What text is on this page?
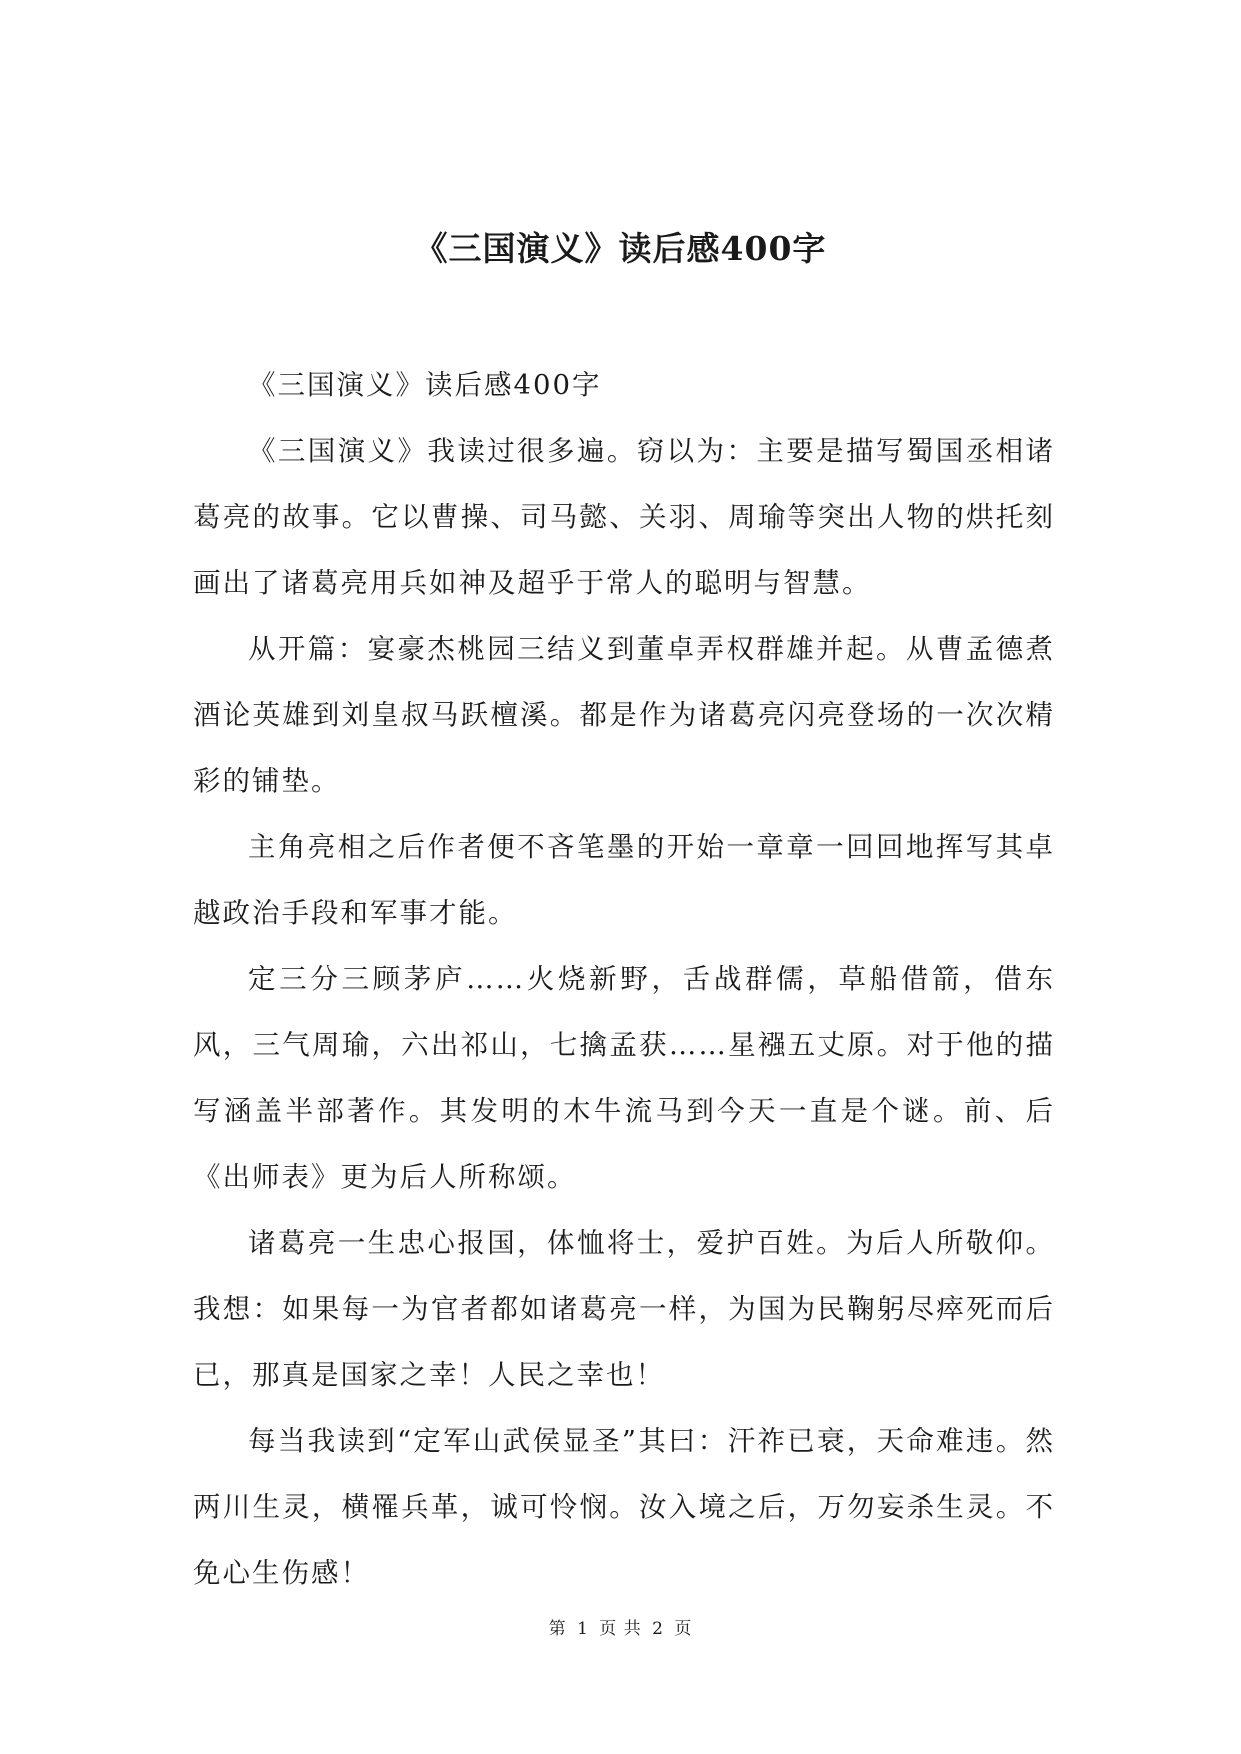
《三国演义》读后感400字

《三国演义》读后感400字

《三国演义》我读过很多遍。窃以为：主要是描写蜀国丞相诸葛亮的故事。它以曹操、司马懿、关羽、周瑜等突出人物的烘托刻画出了诸葛亮用兵如神及超乎于常人的聪明与智慧。

从开篇：宴豪杰桃园三结义到董卓弄权群雄并起。从曹孟德煮酒论英雄到刘皇叔马跃檀溪。都是作为诸葛亮闪亮登场的一次次精彩的铺垫。

主角亮相之后作者便不吝笔墨的开始一章章一回回地挥写其卓越政治手段和军事才能。

定三分三顾茅庐……火烧新野，舌战群儒，草船借箭，借东风，三气周瑜，六出祁山，七擒孟获……星襁五丈原。对于他的描写涵盖半部著作。其发明的木牛流马到今天一直是个谜。前、后《出师表》更为后人所称颂。

诸葛亮一生忠心报国，体恤将士，爱护百姓。为后人所敬仰。我想：如果每一为官者都如诸葛亮一样，为国为民鞠躬尽瘁死而后已，那真是国家之幸！人民之幸也！

每当我读到“定军山武侯显圣”其曰：汗祚已衰，天命难违。然两川生灵，横罹兵革，诚可怜悯。汝入境之后，万勿妄杀生灵。不免心生伤感！

第 1 页 共 2 页
